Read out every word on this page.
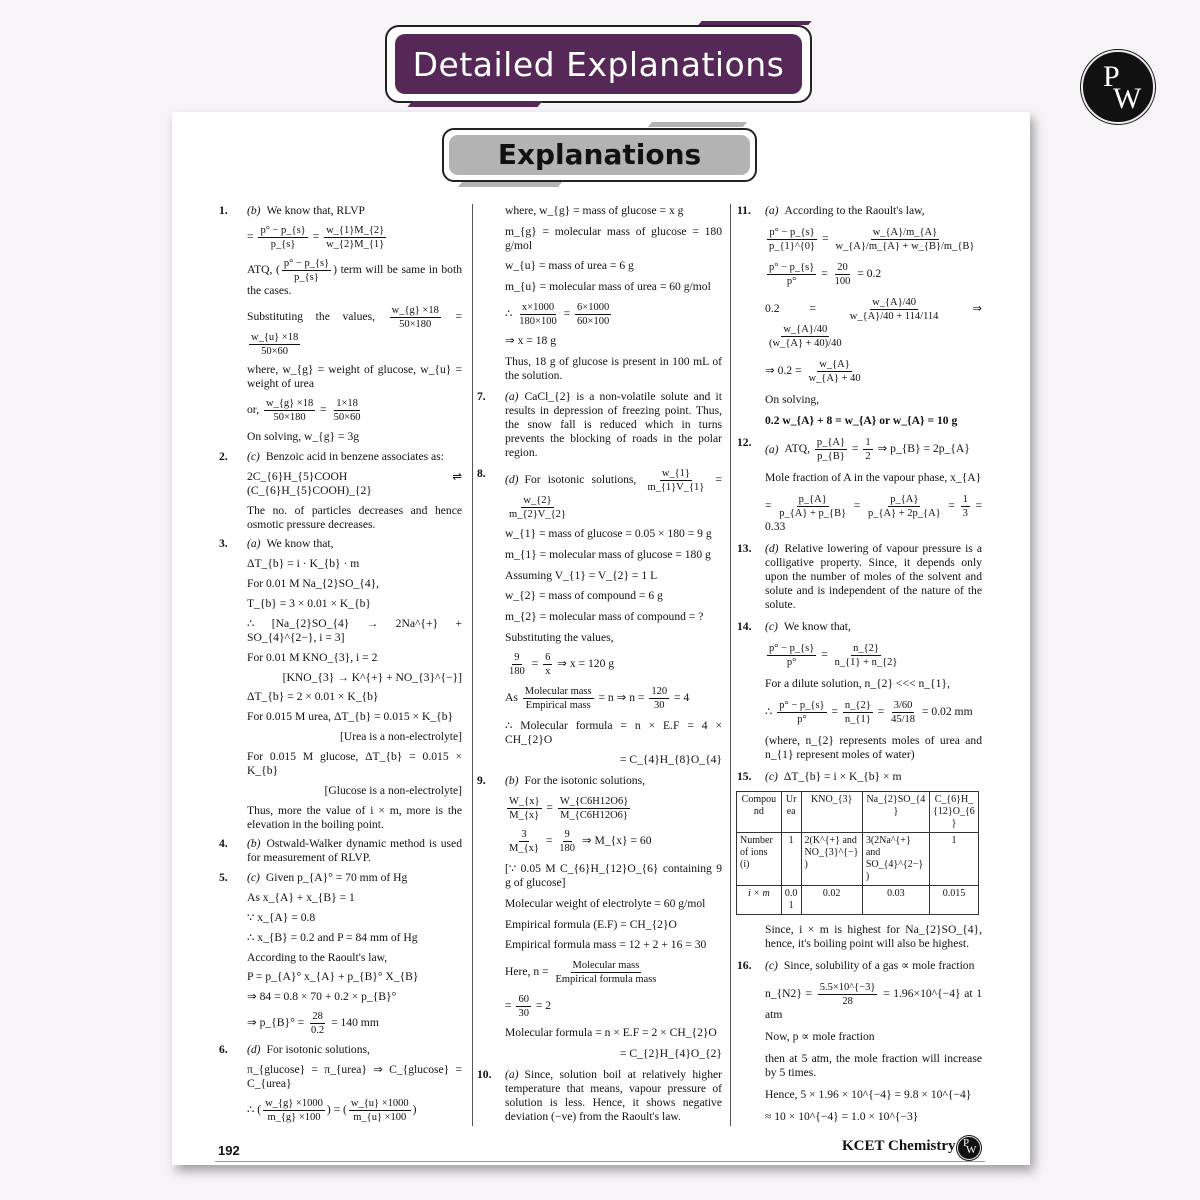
Detailed Explanations
Explanations
P
W
1. (b) We know that, RLVP
= $\frac{p^\circ - p\_\{s\}}{p\_\{s\}} = \frac{w\_\{1\}M\_\{2\}}{w\_\{2\}M\_\{1\}}$
ATQ, ( $\frac{p^\circ - p\_\{s\}}{p\_\{s\}}$ ) term will be same in both the cases.
Substituting the values, $\frac{w\_\{g\} \times 18}{50\times 180}$ =
$\frac{w\_\{u\} \times 18}{50\times 60}$
where, w_{g} = weight of glucose, w_{u} = weight of urea
or, $\frac{w\_\{g\} \times 18}{50\times 180} = \frac{1\times 18}{50\times 60}$
On solving, w_{g} = 3g
2. (c) Benzoic acid in benzene associates as:
2C_{6}H_{5}COOH ⇌ (C_{6}H_{5}COOH)_{2}
The no. of particles decreases and hence osmotic pressure decreases.
3. (a) We know that,
ΔT_{b} = i · K_{b} · m
For 0.01 M Na_{2}SO_{4},
T_{b} = 3 × 0.01 × K_{b}
∴ [Na_{2}SO_{4} → 2Na^{+} + SO_{4}^{2−}, i = 3]
For 0.01 M KNO_{3}, i = 2
[KNO_{3} → K^{+} + NO_{3}^{−}]
ΔT_{b} = 2 × 0.01 × K_{b}
For 0.015 M urea, ΔT_{b} = 0.015 × K_{b}
[Urea is a non-electrolyte]
For 0.015 M glucose, ΔT_{b} = 0.015 × K_{b}
[Glucose is a non-electrolyte]
Thus, more the value of i × m, more is the elevation in the boiling point.
4. (b) Ostwald-Walker dynamic method is used for measurement of RLVP.
5. (c) Given p_{A}° = 70 mm of Hg
As x_{A} + x_{B} = 1
∵ x_{A} = 0.8
∴ x_{B} = 0.2 and P = 84 mm of Hg
According to the Raoult's law,
P = p_{A}° x_{A} + p_{B}° X_{B}
⇒ 84 = 0.8 × 70 + 0.2 × p_{B}°
⇒ p_{B}° = $\frac{28}{0.2} = 140$ mm
6. (d) For isotonic solutions,
π_{glucose} = π_{urea} ⇒ C_{glucose} = C_{urea}
∴ ( $\frac{w\_\{g\} \times 1000}{m\_\{g\} \times 100}$ ) = ( $\frac{w\_\{u\} \times 1000}{m\_\{u\} \times 100}$ )
where, w_{g} = mass of glucose = x g
m_{g} = molecular mass of glucose = 180 g/mol
w_{u} = mass of urea = 6 g
m_{u} = molecular mass of urea = 60 g/mol
∴ $\frac{x\times 1000}{180\times 100} = \frac{6\times 1000}{60\times 100}$
⇒ x = 18 g
Thus, 18 g of glucose is present in 100 mL of the solution.
7. (a) CaCl_{2} is a non-volatile solute and it results in depression of freezing point. Thus, the snow fall is reduced which in turns prevents the blocking of roads in the polar region.
8. (d) For isotonic solutions, $\frac{w\_\{1\}}{m\_\{1\}V\_\{1\}}$ =
$\frac{w\_\{2\}}{m\_\{2\}V\_\{2\}}$
w_{1} = mass of glucose = 0.05 × 180 = 9 g
m_{1} = molecular mass of glucose = 180 g
Assuming V_{1} = V_{2} = 1 L
w_{2} = mass of compound = 6 g
m_{2} = molecular mass of compound = ?
Substituting the values,
$\frac{9}{180} = \frac{6}{x}$ ⇒ x = 120 g
As $\frac{\text{Molecular mass}}{\text{Empirical mass}} = n$ ⇒ $n = \frac{120}{30} = 4$
∴ Molecular formula = n × E.F = 4 × CH_{2}O
= C_{4}H_{8}O_{4}
9. (b) For the isotonic solutions,
$\frac{W\_\{x\}}{M\_\{x\}} = \frac{W\_\{C6H12O6\}}{M\_\{C6H12O6\}}$
$\frac{3}{M\_\{x\}} = \frac{9}{180}$ ⇒ M_{x} = 60
[∵ 0.05 M C_{6}H_{12}O_{6} containing 9 g of glucose]
Molecular weight of electrolyte = 60 g/mol
Empirical formula (E.F) = CH_{2}O
Empirical formula mass = 12 + 2 + 16 = 30
Here, $n = \frac{\text{Molecular mass}}{\text{Empirical formula mass}}$
= $\frac{60}{30} = 2$
Molecular formula = n × E.F = 2 × CH_{2}O
= C_{2}H_{4}O_{2}
10. (a) Since, solution boil at relatively higher temperature that means, vapour pressure of solution is less. Hence, it shows negative deviation (−ve) from the Raoult's law.
11. (a) According to the Raoult's law,
$\frac{p^\circ - p\_\{s\}}{p\_\{1\}\^{}\{0\}} = \frac{w\_\{A\}/m\_\{A\}}{w\_\{A\}/m\_\{A\} + w\_\{B\}/m\_\{B\}}$
$\frac{p^\circ - p\_\{s\}}{p^\circ} = \frac{20}{100} = 0.2$
$0.2 = \frac{w\_\{A\}/40}{w\_\{A\}/40 + 114/114}$ ⇒
$\frac{w\_\{A\}/40}{(w\_\{A\} + 40)/40}$
⇒ $0.2 = \frac{w\_\{A\}}{w\_\{A\} + 40}$
On solving,
0.2 w_{A} + 8 = w_{A} or w_{A} = 10 g
12. (a) ATQ, $\frac{p\_\{A\}}{p\_\{B\}} = \frac{1}{2}$ ⇒ p_{B} = 2p_{A}
Mole fraction of A in the vapour phase, x_{A}
= $\frac{p\_\{A\}}{p\_\{A\} + p\_\{B\}} = \frac{p\_\{A\}}{p\_\{A\} + 2p\_\{A\}} = \frac{1}{3} = 0.33$
13. (d) Relative lowering of vapour pressure is a colligative property. Since, it depends only upon the number of moles of the solvent and solute and is independent of the nature of the solute.
14. (c) We know that,
$\frac{p^\circ - p\_\{s\}}{p^\circ} = \frac{n\_\{2\}}{n\_\{1\} + n\_\{2\}}$
For a dilute solution, n_{2} <<< n_{1},
∴ $\frac{p^\circ - p\_\{s\}}{p^\circ} = \frac{n\_\{2\}}{n\_\{1\}} = \frac{3/60}{45/18} = 0.02$ mm
(where, n_{2} represents moles of urea and n_{1} represent moles of water)
15. (c) ΔT_{b} = i × K_{b} × m
Compound	Urea	KNO_{3}	Na_{2}SO_{4}	C_{6}H_{12}O_{6}
Number of ions (i)	1	2(K^{+} and NO_{3}^{−})	3(2Na^{+} and SO_{4}^{2−})	1
i × m	0.01	0.02	0.03	0.015
Since, i × m is highest for Na_{2}SO_{4}, hence, it's boiling point will also be highest.
16. (c) Since, solubility of a gas ∝ mole fraction
n_{N2} = $\frac{5.5\times 10\^{}\{-3\}}{28}$ = 1.96×10^{−4} at 1 atm
Now, p ∝ mole fraction
then at 5 atm, the mole fraction will increase by 5 times.
Hence, 5 × 1.96 × 10^{−4} = 9.8 × 10^{−4}
≈ 10 × 10^{−4} = 1.0 × 10^{−3}
192	KCET Chemistry P
W
